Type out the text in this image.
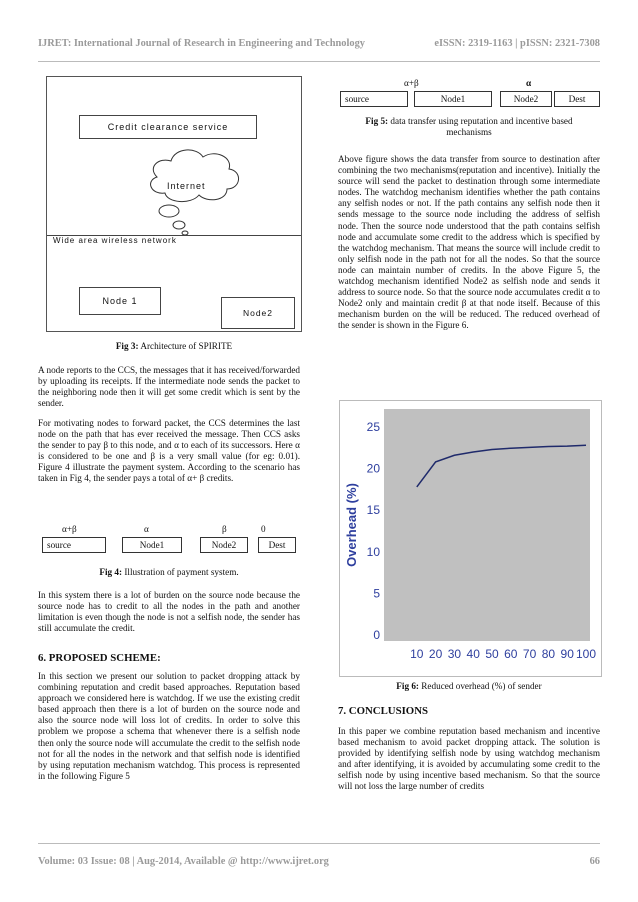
IJRET: International Journal of Research in Engineering and Technology	eISSN: 2319-1163 | pISSN: 2321-7308
Credit clearance service
Internet
Wide area wireless network
Node 1
Node2
Fig 3: Architecture of SPIRITE
A node reports to the CCS, the messages that it has received/forwarded by uploading its receipts. If the intermediate node sends the packet to the neighboring node then it will get some credit which is sent by the sender.
For motivating nodes to forward packet, the CCS determines the last node on the path that has ever received the message. Then CCS asks the sender to pay β to this node, and α to each of its successors. Here α is considered to be one and β is a very small value (for eg: 0.01). Figure 4 illustrate the payment system. According to the scenario has taken in Fig 4, the sender pays a total of α+ β credits.
α+β	α	β	0
source	Node1	Node2	Dest
Fig 4: Illustration of payment system.
In this system there is a lot of burden on the source node because the source node has to credit to all the nodes in the path and another limitation is even though the node is not a selfish node, the sender has still accumulate the credit.
6. PROPOSED SCHEME:
In this section we present our solution to packet dropping attack by combining reputation and credit based approaches. Reputation based approach we considered here is watchdog. If we use the existing credit based approach then there is a lot of burden on the source node and also the source node will loss lot of credits. In order to solve this problem we propose a schema that whenever there is a selfish node then only the source node will accumulate the credit to the selfish node not for all the nodes in the network and that selfish node is identified by using reputation mechanism watchdog. This process is represented in the following Figure 5
α+β	α
source	Node1	Node2	Dest
Fig 5: data transfer using reputation and incentive based
mechanisms
Above figure shows the data transfer from source to destination after combining the two mechanisms(reputation and incentive). Initially the source will send the packet to destination through some intermediate nodes. The watchdog mechanism identifies whether the path contains any selfish nodes or not. If the path contains any selfish node then it sends message to the source node including the address of selfish node. Then the source node understood that the path contains selfish node and accumulate some credit to the address which is specified by the watchdog mechanism. That means the source will include credit to only selfish node in the path not for all the nodes. So that the source node can maintain number of credits. In the above Figure 5, the watchdog mechanism identified Node2 as selfish node and sends it address to source node. So that the source node accumulates credit α to Node2 only and maintain credit β at that node itself. Because of this mechanism burden on the will be reduced. The reduced overhead of the sender is shown in the Figure 6.
Overhead (%)
0
5
10
15
20
25
10 20 30 40 50 60 70 80 90 100
Fig 6: Reduced overhead (%) of sender
7. CONCLUSIONS
In this paper we combine reputation based mechanism and incentive based mechanism to avoid packet dropping attack. The solution is provided by identifying selfish node by using watchdog mechanism and after identifying, it is avoided by accumulating some credit to the selfish node by using incentive based mechanism. So that the source will not loss the large number of credits
Volume: 03 Issue: 08 | Aug-2014, Available @ http://www.ijret.org	66
